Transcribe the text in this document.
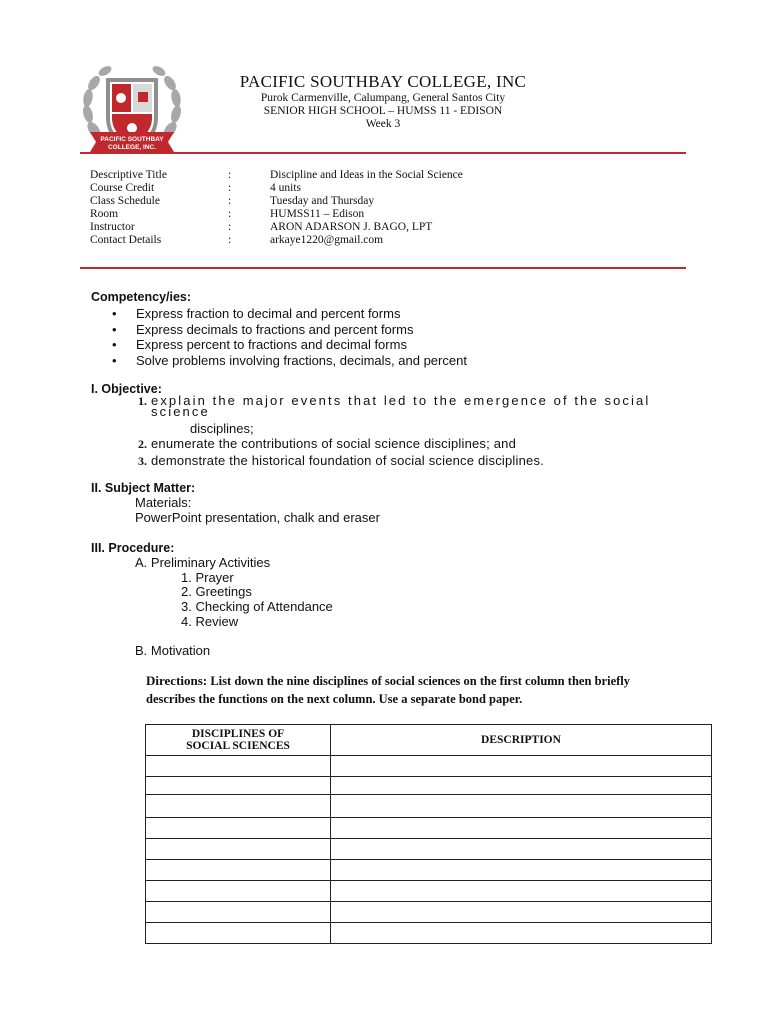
PACIFIC SOUTHBAY
COLLEGE, INC.
PACIFIC SOUTHBAY COLLEGE, INC
Purok Carmenville, Calumpang, General Santos City
SENIOR HIGH SCHOOL – HUMSS 11 - EDISON
Week 3
Descriptive Title	:	Discipline and Ideas in the Social Science
Course Credit	:	4 units
Class Schedule	:	Tuesday and Thursday
Room	:	HUMSS11 – Edison
Instructor	:	ARON ADARSON J. BAGO, LPT
Contact Details	:	arkaye1220@gmail.com
Competency/ies:
• Express fraction to decimal and percent forms
• Express decimals to fractions and percent forms
• Express percent to fractions and decimal forms
• Solve problems involving fractions, decimals, and percent
I. Objective:
1. explain the major events that led to the emergence of the social science
disciplines;
2. enumerate the contributions of social science disciplines; and
3. demonstrate the historical foundation of social science disciplines.
II. Subject Matter:
Materials:
PowerPoint presentation, chalk and eraser
III. Procedure:
A. Preliminary Activities
1. Prayer
2. Greetings
3. Checking of Attendance
4. Review
B. Motivation
Directions: List down the nine disciplines of social sciences on the first column then briefly describes the functions on the next column. Use a separate bond paper.
DISCIPLINES OF
SOCIAL SCIENCES	DESCRIPTION
